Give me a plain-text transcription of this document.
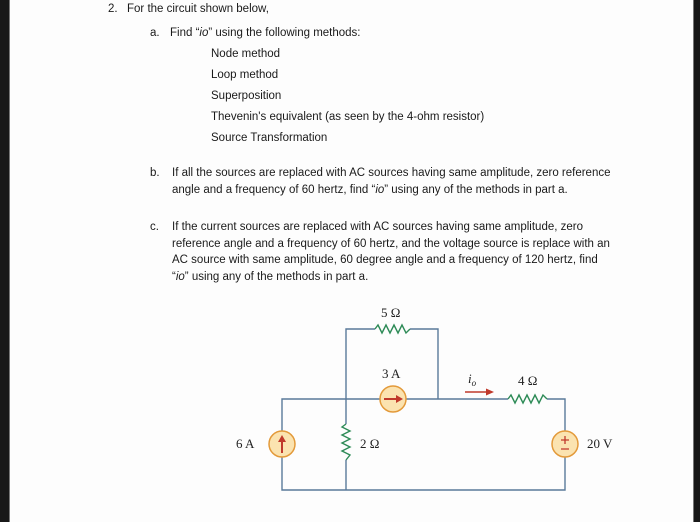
2. For the circuit shown below,
a. Find “io” using the following methods:
Node method
Loop method
Superposition
Thevenin's equivalent (as seen by the 4-ohm resistor)
Source Transformation
b. If all the sources are replaced with AC sources having same amplitude, zero reference angle and a frequency of 60 hertz, find “io” using any of the methods in part a.
c. If the current sources are replaced with AC sources having same amplitude, zero reference angle and a frequency of 60 hertz, and the voltage source is replace with an AC source with same amplitude, 60 degree angle and a frequency of 120 hertz, find “io” using any of the methods in part a.
5 Ω
3 A	4 Ω
2 Ω
6 A	20 V
$i_o$
